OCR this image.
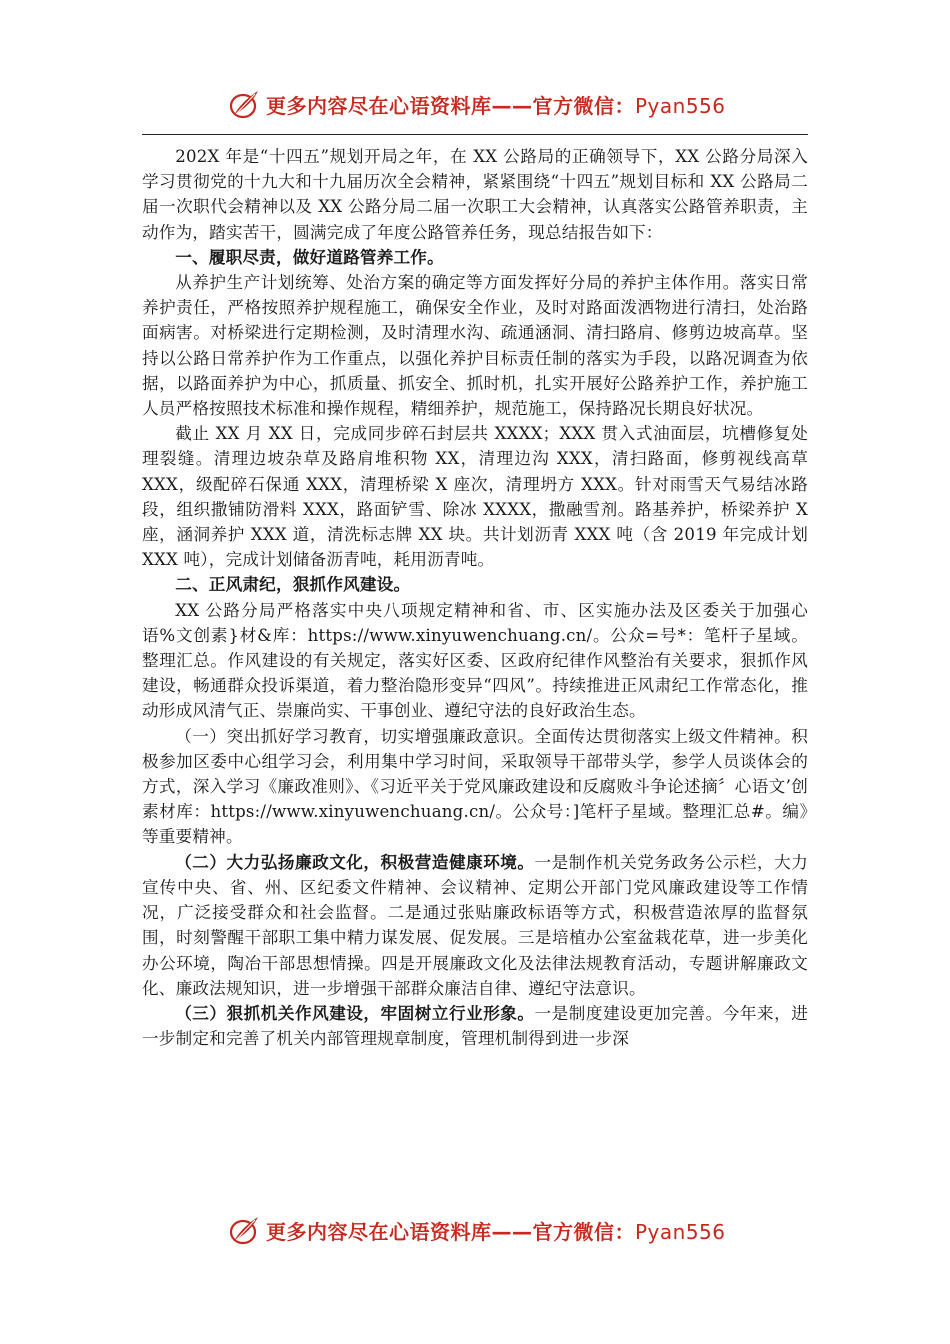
更多内容尽在心语资料库——官方微信：Pyan556

202X 年是“十四五”规划开局之年，在 XX 公路局的正确领导下，XX 公路分局深入学习贯彻党的十九大和十九届历次全会精神，紧紧围绕“十四五”规划目标和 XX 公路局二届一次职代会精神以及 XX 公路分局二届一次职工大会精神，认真落实公路管养职责，主动作为，踏实苦干，圆满完成了年度公路管养任务，现总结报告如下：

一、履职尽责，做好道路管养工作。

从养护生产计划统筹、处治方案的确定等方面发挥好分局的养护主体作用。落实日常养护责任，严格按照养护规程施工，确保安全作业，及时对路面泼洒物进行清扫，处治路面病害。对桥梁进行定期检测，及时清理水沟、疏通涵洞、清扫路肩、修剪边坡高草。坚持以公路日常养护作为工作重点，以强化养护目标责任制的落实为手段，以路况调查为依据，以路面养护为中心，抓质量、抓安全、抓时机，扎实开展好公路养护工作，养护施工人员严格按照技术标准和操作规程，精细养护，规范施工，保持路况长期良好状况。

截止 XX 月 XX 日，完成同步碎石封层共 XXXX；XXX 贯入式油面层，坑槽修复处理裂缝。清理边坡杂草及路肩堆积物 XX，清理边沟 XXX，清扫路面，修剪视线高草 XXX，级配碎石保通 XXX，清理桥梁 X 座次，清理坍方 XXX。针对雨雪天气易结冰路段，组织撒铺防滑料 XXX，路面铲雪、除冰 XXXX，撒融雪剂。路基养护，桥梁养护 X 座，涵洞养护 XXX 道，清洗标志牌 XX 块。共计划沥青 XXX 吨（含 2019 年完成计划 XXX 吨），完成计划储备沥青吨，耗用沥青吨。

二、正风肃纪，狠抓作风建设。

XX 公路分局严格落实中央八项规定精神和省、市、区实施办法及区委关于加强心语%文创素}材&库：https://www.xinyuwenchuang.cn/。公众=号*：笔杆子星域。整理汇总。作风建设的有关规定，落实好区委、区政府纪律作风整治有关要求，狠抓作风建设，畅通群众投诉渠道，着力整治隐形变异“四风”。持续推进正风肃纪工作常态化，推动形成风清气正、崇廉尚实、干事创业、遵纪守法的良好政治生态。

（一）突出抓好学习教育，切实增强廉政意识。全面传达贯彻落实上级文件精神。积极参加区委中心组学习会，利用集中学习时间，采取领导干部带头学，参学人员谈体会的方式，深入学习《廉政准则》、《习近平关于党风廉政建设和反腐败斗争论述摘〞心语文’创素材库：https://www.xinyuwenchuang.cn/。公众号：]笔杆子星域。整理汇总#。编》等重要精神。

（二）大力弘扬廉政文化，积极营造健康环境。一是制作机关党务政务公示栏，大力宣传中央、省、州、区纪委文件精神、会议精神、定期公开部门党风廉政建设等工作情况，广泛接受群众和社会监督。二是通过张贴廉政标语等方式，积极营造浓厚的监督氛围，时刻警醒干部职工集中精力谋发展、促发展。三是培植办公室盆栽花草，进一步美化办公环境，陶冶干部思想情操。四是开展廉政文化及法律法规教育活动，专题讲解廉政文化、廉政法规知识，进一步增强干部群众廉洁自律、遵纪守法意识。

（三）狠抓机关作风建设，牢固树立行业形象。一是制度建设更加完善。今年来，进一步制定和完善了机关内部管理规章制度，管理机制得到进一步深

更多内容尽在心语资料库——官方微信：Pyan556
